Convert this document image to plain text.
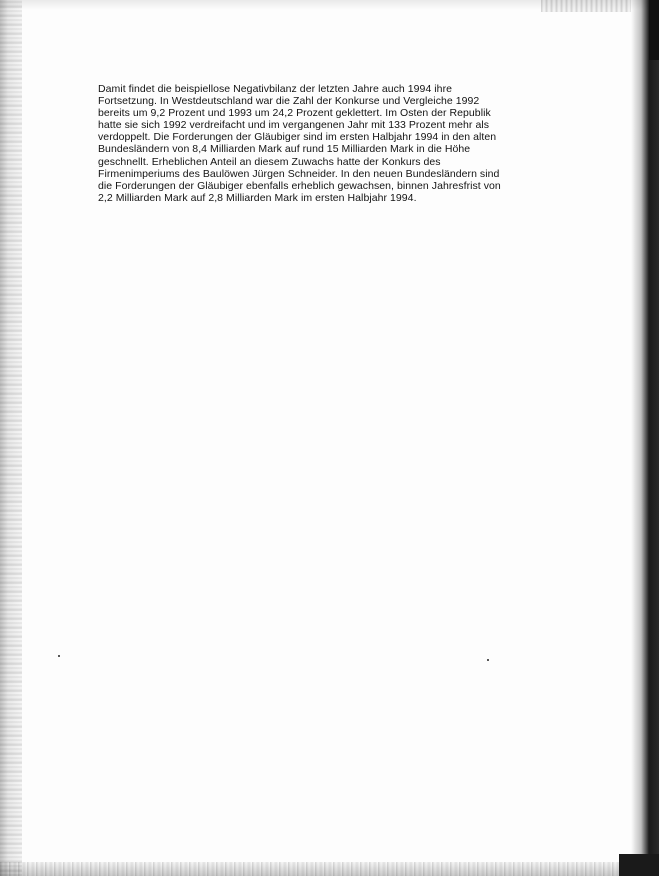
Damit findet die beispiellose Negativbilanz der letzten Jahre auch 1994 ihre
Fortsetzung. In Westdeutschland war die Zahl der Konkurse und Vergleiche 1992
bereits um 9,2 Prozent und 1993 um 24,2 Prozent geklettert. Im Osten der Republik
hatte sie sich 1992 verdreifacht und im vergangenen Jahr mit 133 Prozent mehr als
verdoppelt. Die Forderungen der Gläubiger sind im ersten Halbjahr 1994 in den alten
Bundesländern von 8,4 Milliarden Mark auf rund 15 Milliarden Mark in die Höhe
geschnellt. Erheblichen Anteil an diesem Zuwachs hatte der Konkurs des
Firmenimperiums des Baulöwen Jürgen Schneider. In den neuen Bundesländern sind
die Forderungen der Gläubiger ebenfalls erheblich gewachsen, binnen Jahresfrist von
2,2 Milliarden Mark auf 2,8 Milliarden Mark im ersten Halbjahr 1994.
